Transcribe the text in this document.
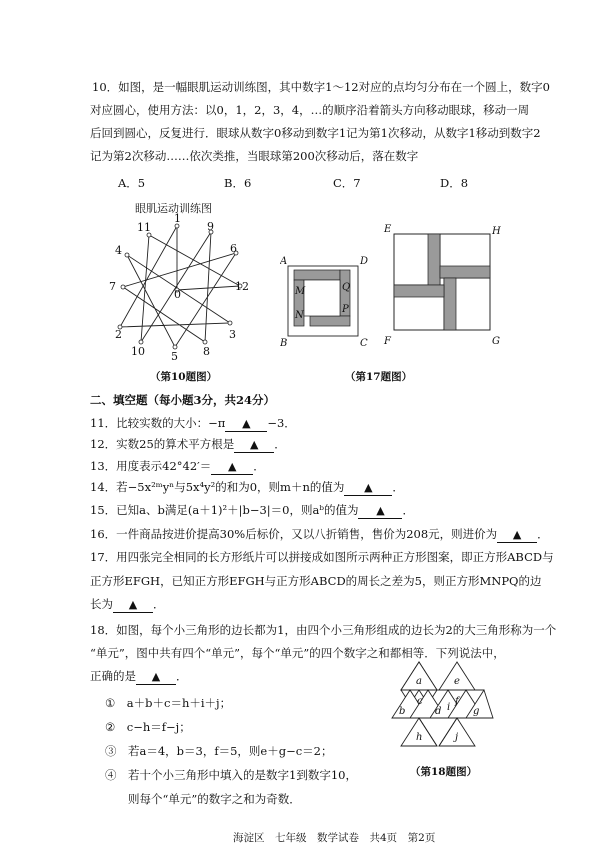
10．如图，是一幅眼肌运动训练图，其中数字1～12对应的点均匀分布在一个圆上，数字0
对应圆心，使用方法：以0，1，2，3，4，…的顺序沿着箭头方向移动眼球，移动一周
后回到圆心，反复进行．眼球从数字0移动到数字1记为第1次移动，从数字1移动到数字2
记为第2次移动……依次类推，当眼球第200次移动后，落在数字
A．5	B．6	C．7	D．8
眼肌运动训练图
0
1
2	3
4
5
6
7
8
9
10
11
12
（第10题图）
A	D
B	C
M	Q
N
P
E	H
F	G
（第17题图）
二、填空题（每小题3分，共24分）
11．比较实数的大小：−π ▲ −3．
12．实数25的算术平方根是 ▲ ．
13．用度表示42°42′＝ ▲ ．
14．若−5x²ᵐyⁿ与5x⁴y²的和为0，则m＋n的值为 ▲ ．
15．已知a、b满足(a＋1)²＋|b−3|＝0，则aᵇ的值为 ▲ ．
16．一件商品按进价提高30%后标价，又以八折销售，售价为208元，则进价为 ▲ ．
17．用四张完全相同的长方形纸片可以拼接成如图所示两种正方形图案，即正方形ABCD与
正方形EFGH，已知正方形EFGH与正方形ABCD的周长之差为5，则正方形MNPQ的边
长为 ▲ ．
18．如图，每个小三角形的边长都为1，由四个小三角形组成的边长为2的大三角形称为一个
“单元”，图中共有四个“单元”，每个“单元”的四个数字之和都相等．下列说法中，
正确的是 ▲ ．
①　a＋b＋c＝h＋i＋j；
②　c−h＝f−j；
③　若a＝4，b＝3，f＝5，则e＋g−c＝2；
④　若十个小三角形中填入的是数字1到数字10，
　　则每个“单元”的数字之和为奇数．
a	e
c	f
b	d i g
h	j
（第18题图）
海淀区　七年级　数学试卷　共4页　第2页
